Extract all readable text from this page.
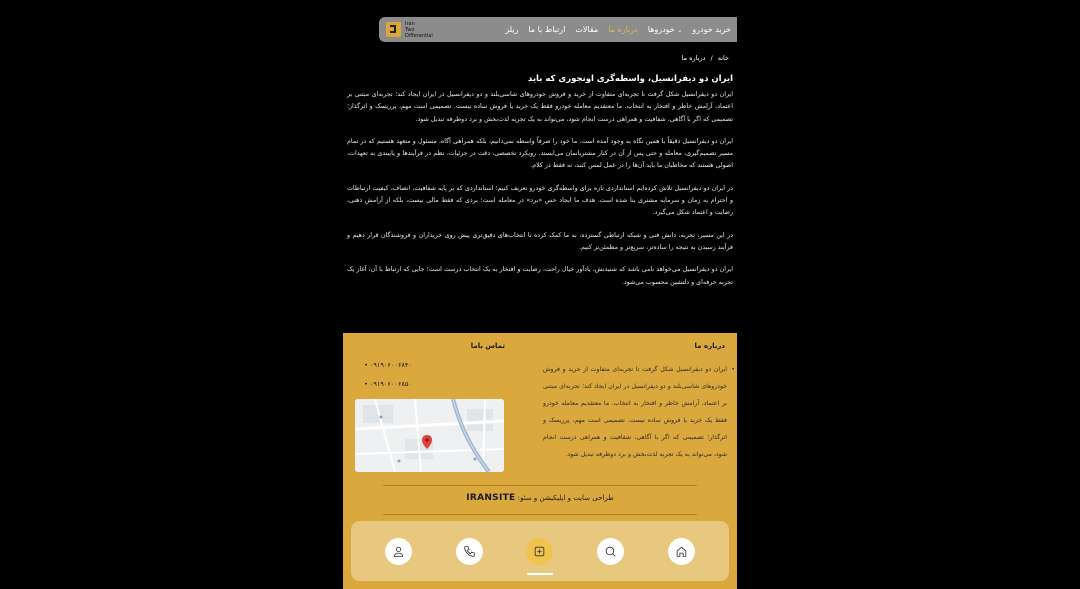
Iran
Two
Differential
خرید خودرو
خودروها ⌄
درباره ما
مقالات
ارتباط با ما
ریلز
خانه
/
درباره ما
ایران دو دیفرانسیل، واسطه‌گری اونجوری که باید

ایران دو دیفرانسیل شکل گرفت تا تجربه‌ای متفاوت از خرید و فروش خودروهای شاسی‌بلند و دو دیفرانسیل در ایران ایجاد کند؛ تجربه‌ای مبتنی بر اعتماد، آرامش خاطر و افتخار به انتخاب. ما معتقدیم معامله خودرو فقط یک خرید یا فروش ساده نیست. تصمیمی است مهم، پرریسک و اثرگذار؛ تصمیمی که اگر با آگاهی، شفافیت و همراهی درست انجام شود، می‌تواند به یک تجربه لذت‌بخش و برد دوطرفه تبدیل شود.

ایران دو دیفرانسیل دقیقاً با همین نگاه به وجود آمده است. ما خود را صرفاً واسطه نمی‌دانیم، بلکه همراهی آگاه، مسئول و متعهد هستیم که در تمام مسیر تصمیم‌گیری، معامله و حتی پس از آن در کنار مشتریانمان می‌ایستد. رویکرد تخصصی، دقت در جزئیات، نظم در فرآیندها و پایبندی به تعهدات، اصولی هستند که مخاطبان ما باید آن‌ها را در عمل لمس کنند، نه فقط در کلام.

در ایران دو دیفرانسیل تلاش کرده‌ایم استانداردی تازه برای واسطه‌گری خودرو تعریف کنیم؛ استانداردی که بر پایه شفافیت، انصاف، کیفیت ارتباطات و احترام به زمان و سرمایه مشتری بنا شده است. هدف ما ایجاد حس «برد» در معامله است؛ بردی که فقط مالی نیست، بلکه از آرامش ذهنی، رضایت و اعتماد شکل می‌گیرد.

در این مسیر، تجربه، دانش فنی و شبکه ارتباطی گسترده، به ما کمک کرده تا انتخاب‌های دقیق‌تری پیش روی خریداران و فروشندگان قرار دهیم و فرآیند رسیدن به نتیجه را ساده‌تر، سریع‌تر و مطمئن‌تر کنیم.

ایران دو دیفرانسیل می‌خواهد نامی باشد که شنیدنش، یادآور خیال راحت، رضایت و افتخار به یک انتخاب درست است؛ جایی که ارتباط با آن، آغاز یک تجربه حرفه‌ای و دلنشین محسوب می‌شود.

درباره ما
تماس باما
• ایران دو دیفرانسیل شکل گرفت تا تجربه‌ای متفاوت از خرید و فروش خودروهای شاسی‌بلند و دو دیفرانسیل در ایران ایجاد کند؛ تجربه‌ای مبتنی بر اعتماد، آرامش خاطر و افتخار به انتخاب. ما معتقدیم معامله خودرو فقط یک خرید یا فروش ساده نیست. تصمیمی است مهم، پرریسک و اثرگذار؛ تصمیمی که اگر با آگاهی، شفافیت و همراهی درست انجام شود، می‌تواند به یک تجربه لذت‌بخش و برد دوطرفه تبدیل شود.
• ۰۹۱۹۰۶۰۰۶۸۴۰
• ۰۹۱۹۰۶۰۰۶۸۵۰
طراحی سایت و اپلیکیشن و سئو: IRANSITE
